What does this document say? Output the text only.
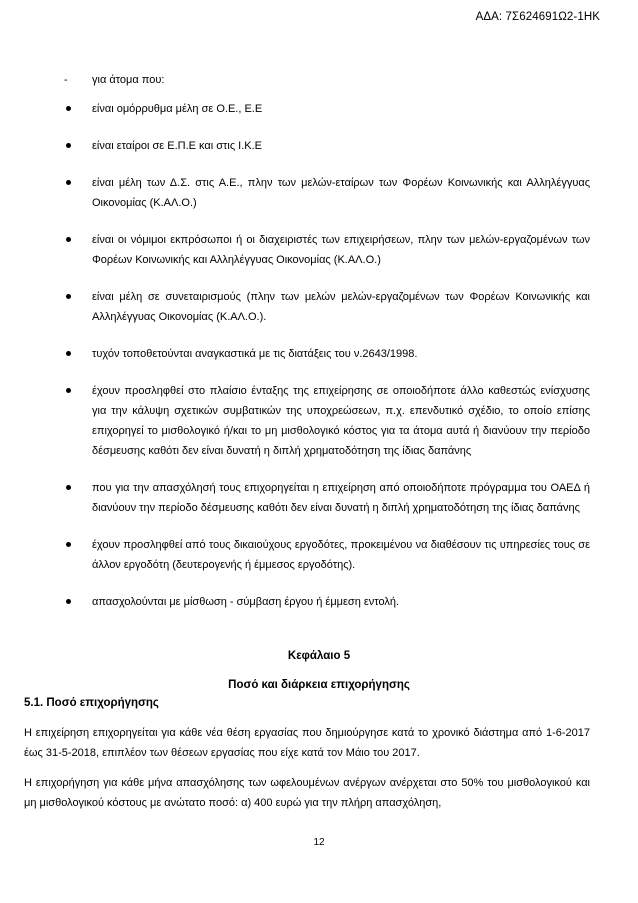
ΑΔΑ: 7Σ624691Ω2-1ΗΚ
- για άτομα που:
είναι ομόρρυθμα μέλη σε Ο.Ε., Ε.Ε
είναι εταίροι σε Ε.Π.Ε και στις Ι.Κ.Ε
είναι μέλη των Δ.Σ. στις Α.Ε., πλην των μελών-εταίρων των Φορέων Κοινωνικής και Αλληλέγγυας Οικονομίας (Κ.ΑΛ.Ο.)
είναι οι νόμιμοι εκπρόσωποι ή οι διαχειριστές των επιχειρήσεων, πλην των μελών-εργαζομένων των Φορέων Κοινωνικής και Αλληλέγγυας Οικονομίας (Κ.ΑΛ.Ο.)
είναι μέλη σε συνεταιρισμούς (πλην των μελών μελών-εργαζομένων των Φορέων Κοινωνικής και Αλληλέγγυας Οικονομίας (Κ.ΑΛ.Ο.).
τυχόν τοποθετούνται αναγκαστικά με τις διατάξεις του ν.2643/1998.
έχουν προσληφθεί στο πλαίσιο ένταξης της επιχείρησης σε οποιοδήποτε άλλο καθεστώς ενίσχυσης για την κάλυψη σχετικών συμβατικών της υποχρεώσεων, π.χ. επενδυτικό σχέδιο, το οποίο επίσης επιχορηγεί το μισθολογικό ή/και το μη μισθολογικό κόστος για τα άτομα αυτά ή διανύουν την περίοδο δέσμευσης καθότι δεν είναι δυνατή η διπλή χρηματοδότηση της ίδιας δαπάνης
που για την απασχόλησή τους επιχορηγείται η επιχείρηση από οποιοδήποτε πρόγραμμα του ΟΑΕΔ ή διανύουν την περίοδο δέσμευσης καθότι δεν είναι δυνατή η διπλή χρηματοδότηση της ίδιας δαπάνης
έχουν προσληφθεί από τους δικαιούχους εργοδότες, προκειμένου να διαθέσουν τις υπηρεσίες τους σε άλλον εργοδότη (δευτερογενής ή έμμεσος εργοδότης).
απασχολούνται με μίσθωση - σύμβαση έργου ή έμμεση εντολή.
Κεφάλαιο 5
Ποσό και διάρκεια επιχορήγησης
5.1. Ποσό επιχορήγησης

Η επιχείρηση επιχορηγείται για κάθε νέα θέση εργασίας που δημιούργησε κατά το χρονικό διάστημα από 1-6-2017 έως 31-5-2018, επιπλέον των θέσεων εργασίας που είχε κατά τον Μάιο του 2017.

Η επιχορήγηση για κάθε μήνα απασχόλησης των ωφελουμένων ανέργων ανέρχεται στο 50% του μισθολογικού και μη μισθολογικού κόστους με ανώτατο ποσό: α) 400 ευρώ για την πλήρη απασχόληση,

12
